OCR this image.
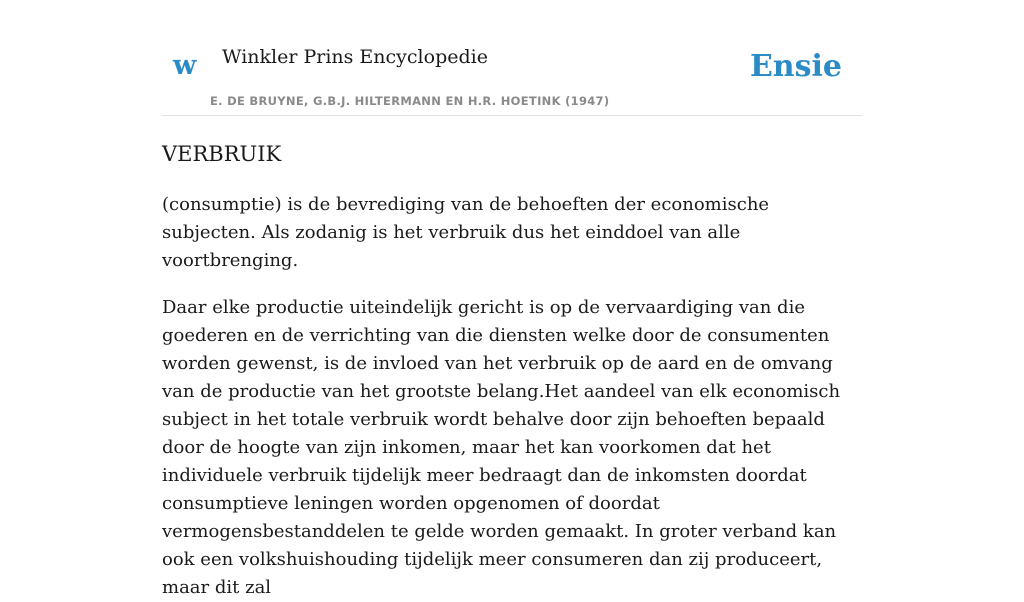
w Winkler Prins Encyclopedie
E. DE BRUYNE, G.B.J. HILTERMANN EN H.R. HOETINK (1947)
Ensie
VERBRUIK

(consumptie) is de bevrediging van de behoeften der economische subjecten. Als zodanig is het verbruik dus het einddoel van alle voortbrenging.

Daar elke productie uiteindelijk gericht is op de vervaardiging van die goederen en de verrichting van die diensten welke door de consumenten worden gewenst, is de invloed van het verbruik op de aard en de omvang van de productie van het grootste belang.Het aandeel van elk economisch subject in het totale verbruik wordt behalve door zijn behoeften bepaald door de hoogte van zijn inkomen, maar het kan voorkomen dat het individuele verbruik tijdelijk meer bedraagt dan de inkomsten doordat consumptieve leningen worden opgenomen of doordat vermogensbestanddelen te gelde worden gemaakt. In groter verband kan ook een volkshuishouding tijdelijk meer consumeren dan zij produceert, maar dit zal
